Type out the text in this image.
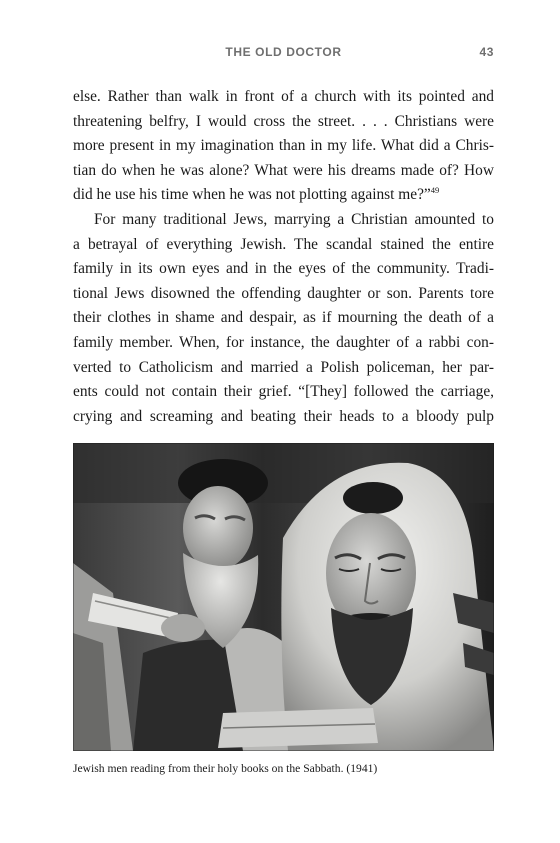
THE OLD DOCTOR	43
else. Rather than walk in front of a church with its pointed and
threatening belfry, I would cross the street. . . . Christians were
more present in my imagination than in my life. What did a Chris-
tian do when he was alone? What were his dreams made of? How
did he use his time when he was not plotting against me?”$^{49}$
For many traditional Jews, marrying a Christian amounted to
a betrayal of everything Jewish. The scandal stained the entire
family in its own eyes and in the eyes of the community. Tradi-
tional Jews disowned the offending daughter or son. Parents tore
their clothes in shame and despair, as if mourning the death of a
family member. When, for instance, the daughter of a rabbi con-
verted to Catholicism and married a Polish policeman, her par-
ents could not contain their grief. “[They] followed the carriage,
crying and screaming and beating their heads to a bloody pulp
Jewish men reading from their holy books on the Sabbath. (1941)
